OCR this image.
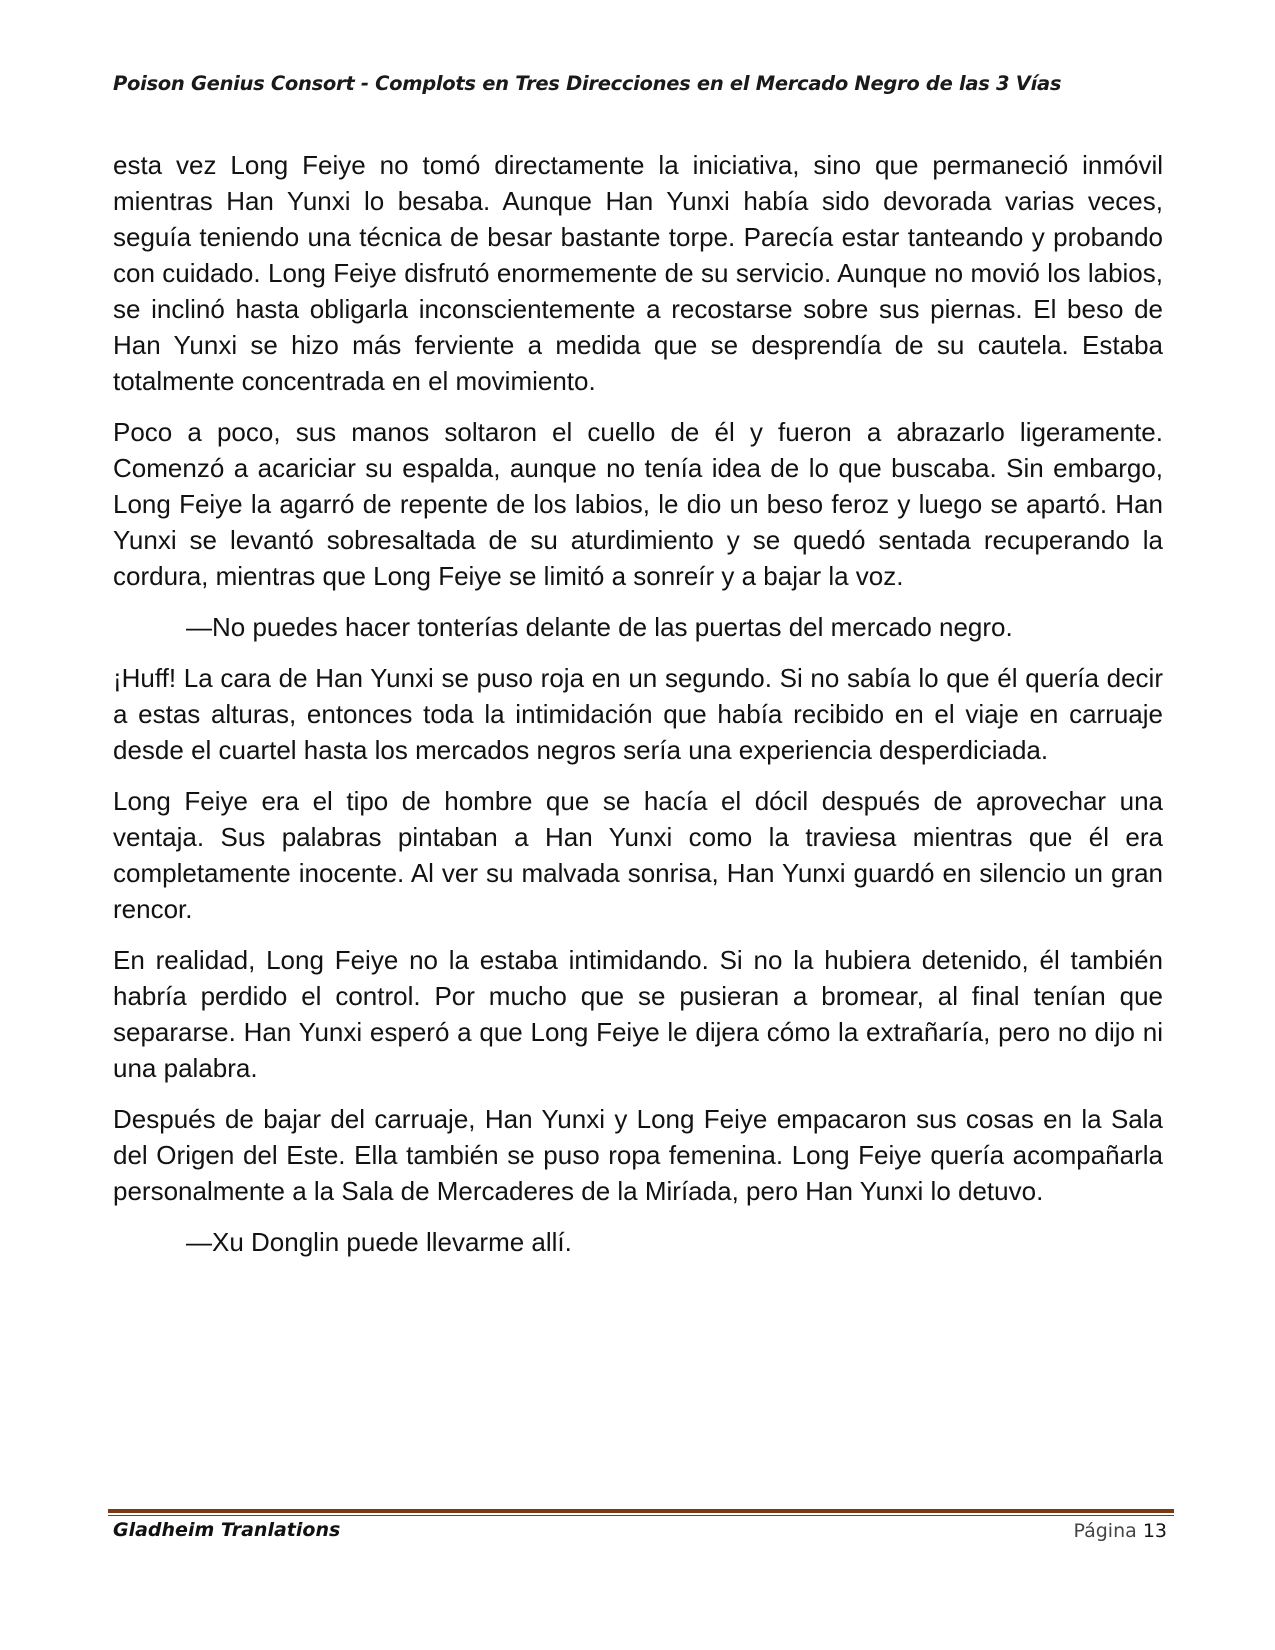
Poison Genius Consort - Complots en Tres Direcciones en el Mercado Negro de las 3 Vías

esta vez Long Feiye no tomó directamente la iniciativa, sino que permaneció inmóvil mientras Han Yunxi lo besaba. Aunque Han Yunxi había sido devorada varias veces, seguía teniendo una técnica de besar bastante torpe. Parecía estar tanteando y probando con cuidado. Long Feiye disfrutó enormemente de su servicio. Aunque no movió los labios, se inclinó hasta obligarla inconscientemente a recostarse sobre sus piernas. El beso de Han Yunxi se hizo más ferviente a medida que se desprendía de su cautela. Estaba totalmente concentrada en el movimiento.

Poco a poco, sus manos soltaron el cuello de él y fueron a abrazarlo ligeramente. Comenzó a acariciar su espalda, aunque no tenía idea de lo que buscaba. Sin embargo, Long Feiye la agarró de repente de los labios, le dio un beso feroz y luego se apartó. Han Yunxi se levantó sobresaltada de su aturdimiento y se quedó sentada recuperando la cordura, mientras que Long Feiye se limitó a sonreír y a bajar la voz.

—No puedes hacer tonterías delante de las puertas del mercado negro.

¡Huff! La cara de Han Yunxi se puso roja en un segundo. Si no sabía lo que él quería decir a estas alturas, entonces toda la intimidación que había recibido en el viaje en carruaje desde el cuartel hasta los mercados negros sería una experiencia desperdiciada.

Long Feiye era el tipo de hombre que se hacía el dócil después de aprovechar una ventaja. Sus palabras pintaban a Han Yunxi como la traviesa mientras que él era completamente inocente. Al ver su malvada sonrisa, Han Yunxi guardó en silencio un gran rencor.

En realidad, Long Feiye no la estaba intimidando. Si no la hubiera detenido, él también habría perdido el control. Por mucho que se pusieran a bromear, al final tenían que separarse. Han Yunxi esperó a que Long Feiye le dijera cómo la extrañaría, pero no dijo ni una palabra.

Después de bajar del carruaje, Han Yunxi y Long Feiye empacaron sus cosas en la Sala del Origen del Este. Ella también se puso ropa femenina. Long Feiye quería acompañarla personalmente a la Sala de Mercaderes de la Miríada, pero Han Yunxi lo detuvo.

—Xu Donglin puede llevarme allí.

Gladheim Tranlations	Página 13
